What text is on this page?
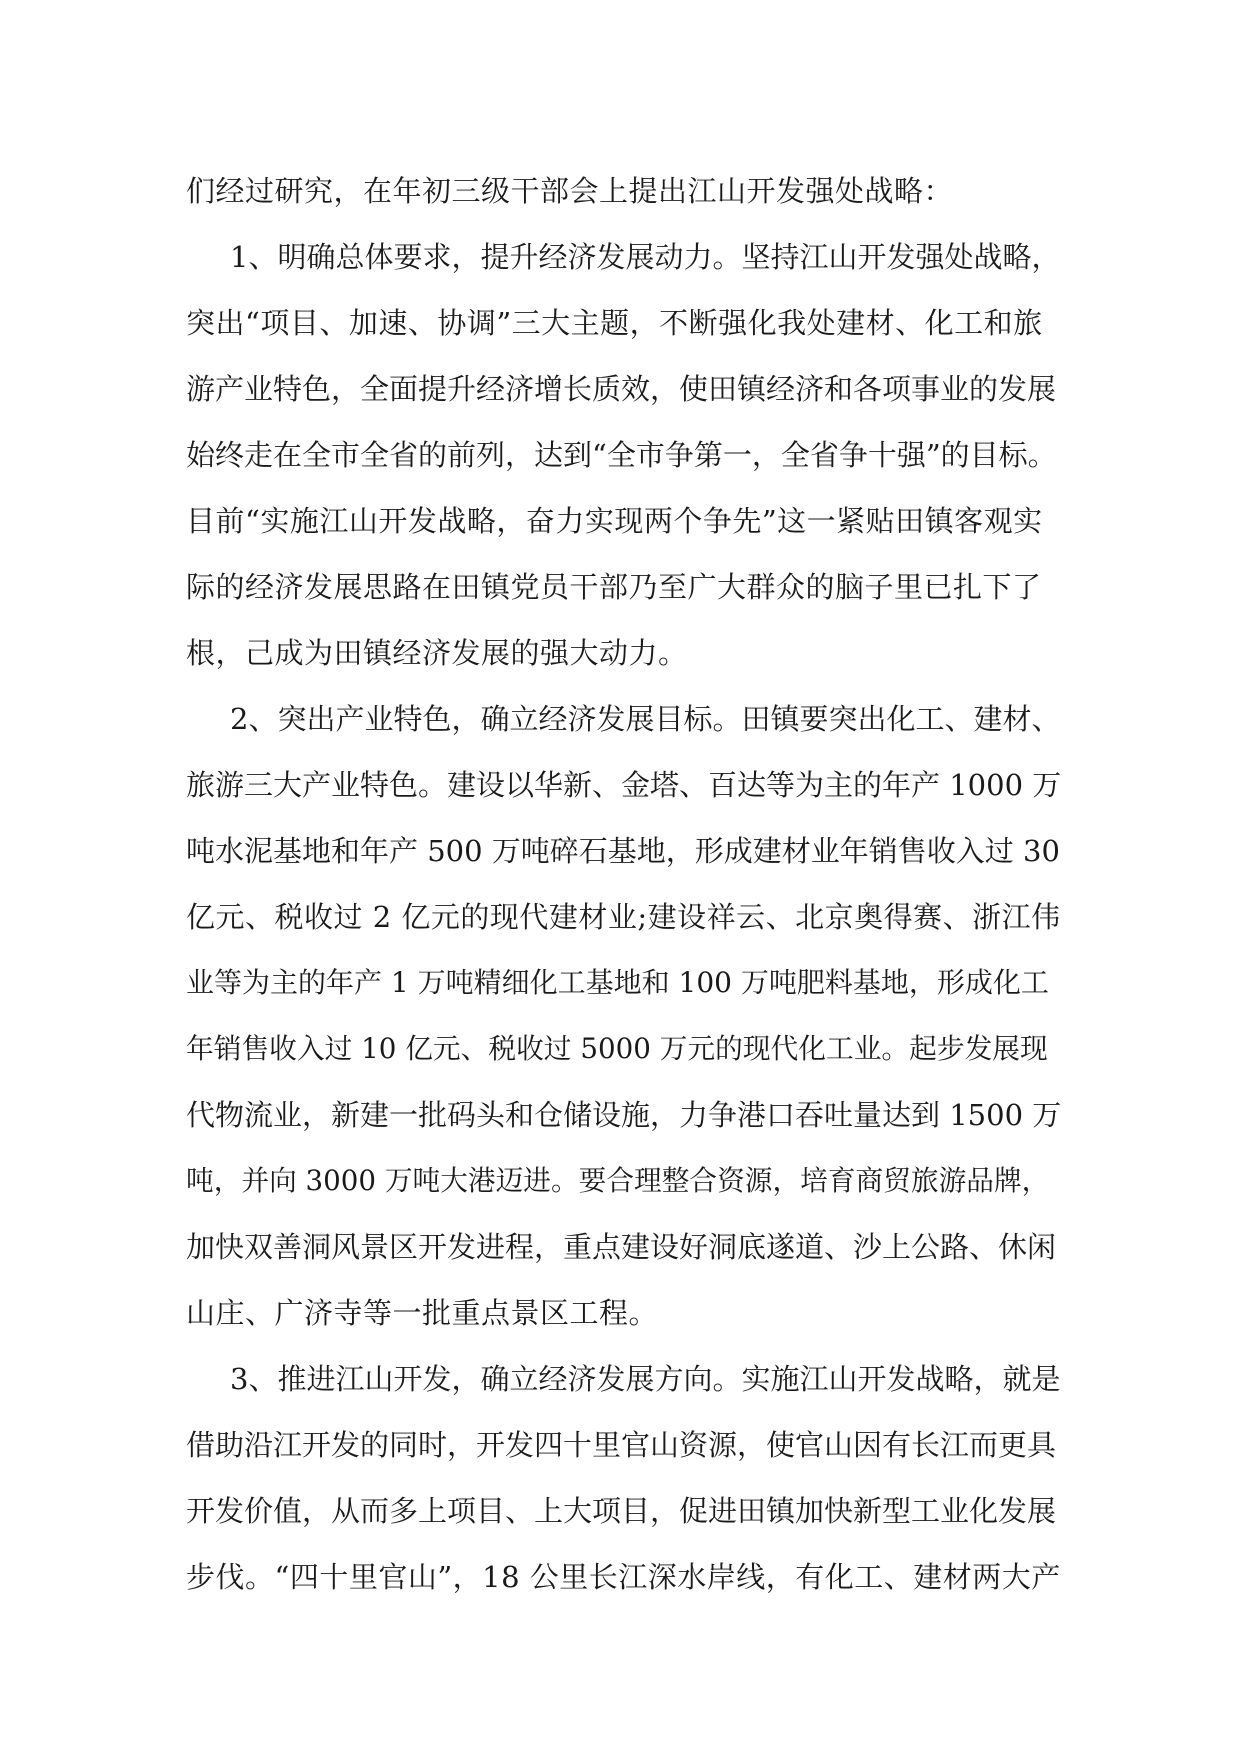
们经过研究，在年初三级干部会上提出江山开发强处战略：
1、明确总体要求，提升经济发展动力。坚持江山开发强处战略，
突出“项目、加速、协调”三大主题，不断强化我处建材、化工和旅
游产业特色，全面提升经济增长质效，使田镇经济和各项事业的发展
始终走在全市全省的前列，达到“全市争第一，全省争十强”的目标。
目前“实施江山开发战略，奋力实现两个争先”这一紧贴田镇客观实
际的经济发展思路在田镇党员干部乃至广大群众的脑子里已扎下了
根，己成为田镇经济发展的强大动力。
2、突出产业特色，确立经济发展目标。田镇要突出化工、建材、
旅游三大产业特色。建设以华新、金塔、百达等为主的年产 1000 万
吨水泥基地和年产 500 万吨碎石基地，形成建材业年销售收入过 30
亿元、税收过 2 亿元的现代建材业;建设祥云、北京奥得赛、浙江伟
业等为主的年产 1 万吨精细化工基地和 100 万吨肥料基地，形成化工
年销售收入过 10 亿元、税收过 5000 万元的现代化工业。起步发展现
代物流业，新建一批码头和仓储设施，力争港口吞吐量达到 1500 万
吨，并向 3000 万吨大港迈进。要合理整合资源，培育商贸旅游品牌，
加快双善洞风景区开发进程，重点建设好洞底遂道、沙上公路、休闲
山庄、广济寺等一批重点景区工程。
3、推进江山开发，确立经济发展方向。实施江山开发战略，就是
借助沿江开发的同时，开发四十里官山资源，使官山因有长江而更具
开发价值，从而多上项目、上大项目，促进田镇加快新型工业化发展
步伐。“四十里官山”，18 公里长江深水岸线，有化工、建材两大产
